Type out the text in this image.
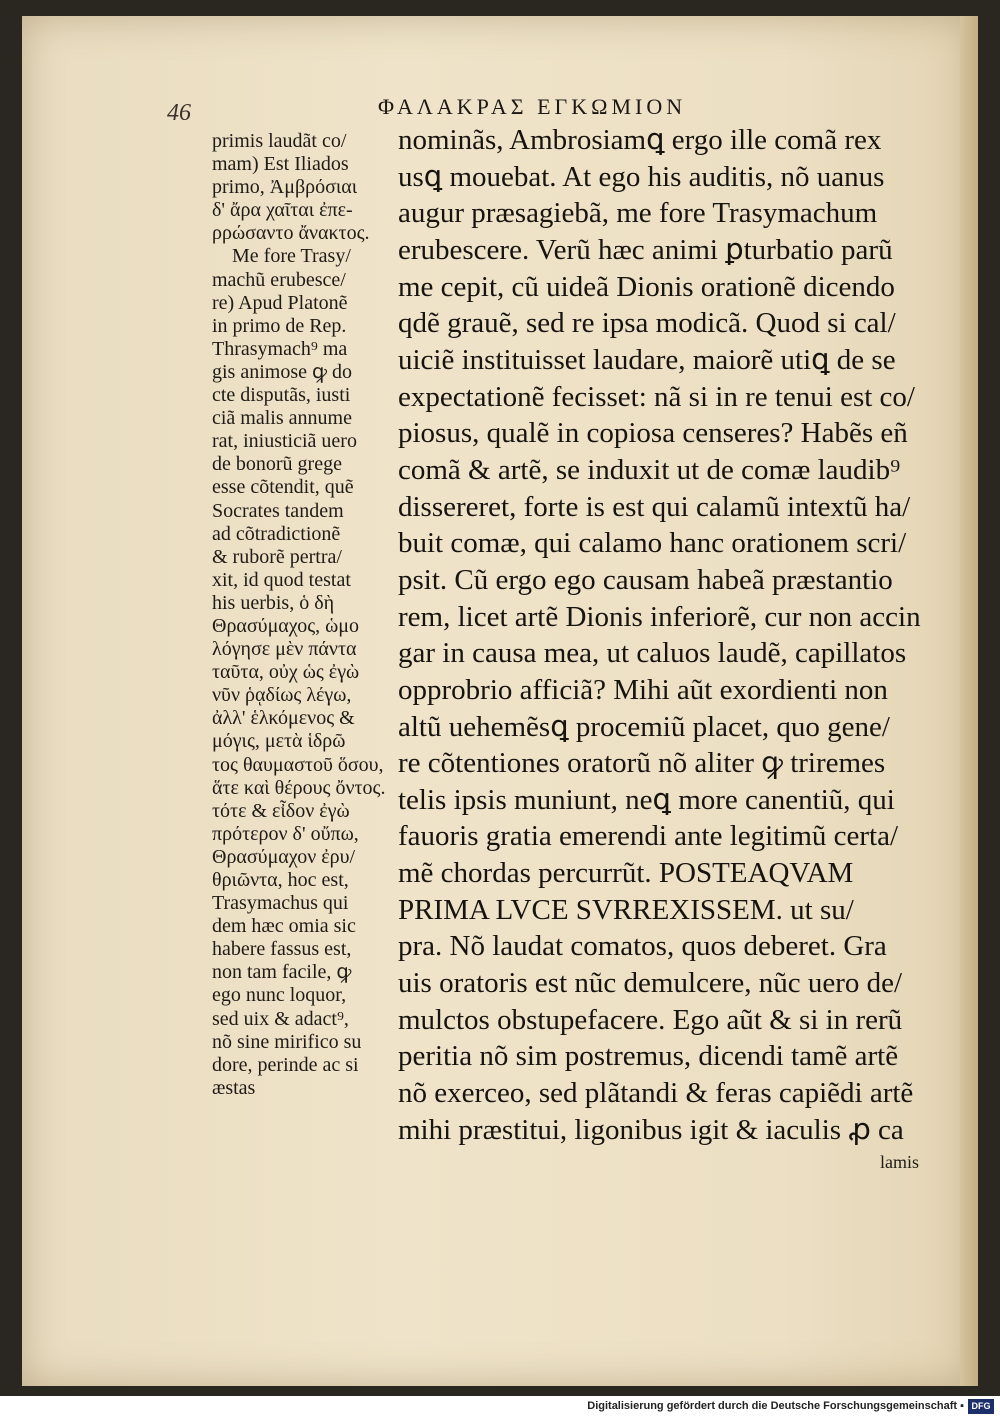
46	ΦΑΛΑΚΡΑΣ ΕΓΚΩΜΙΟΝ
primis laudãt co/
mam) Est Iliados
primo, Ἀμβρόσιαι
δ' ἄρα χαῖται ἐπε-
ρρώσαντο ἄνακτος.
Me fore Trasy/
machũ erubesce/
re) Apud Platonẽ
in primo de Rep.
Thrasymach⁹ ma
gis animose ꝙ do
cte disputãs, iusti
ciã malis annume
rat, iniusticiã uero
de bonorũ grege
esse cõtendit, quẽ
Socrates tandem
ad cõtradictionẽ
& ruborẽ pertra/
xit, id quod testat
his uerbis, ὁ δὴ
Θρασύμαχος, ὡμο
λόγησε μὲν πάντα
ταῦτα, οὐχ ὡς ἐγὼ
νῦν ῥᾳδίως λέγω,
ἀλλ' ἑλκόμενος &
μόγις, μετὰ ἱδρῶ
τος θαυμαστοῦ ὅσου,
ἅτε καὶ θέρους ὄντος.
τότε & εἶδον ἐγὼ
πρότερον δ' οὔπω,
Θρασύμαχον ἐρυ/
θριῶντα, hoc est,
Trasymachus qui
dem hæc omia sic
habere fassus est,
non tam facile, ꝙ
ego nunc loquor,
sed uix & adact⁹,
nõ sine mirifico su
dore, perinde ac si
æstas
nominãs, Ambrosiamꝗ ergo ille comã rex
usꝗ mouebat. At ego his auditis, nõ uanus
augur præsagiebã, me fore Trasymachum
erubescere. Verũ hæc animi ꝑturbatio parũ
me cepit, cũ uideã Dionis orationẽ dicendo
qdẽ grauẽ, sed re ipsa modicã. Quod si cal/
uiciẽ instituisset laudare, maiorẽ utiꝗ de se
expectationẽ fecisset: nã si in re tenui est co/
piosus, qualẽ in copiosa censeres? Habẽs eñ
comã & artẽ, se induxit ut de comæ laudib⁹
dissereret, forte is est qui calamũ intextũ ha/
buit comæ, qui calamo hanc orationem scri/
psit. Cũ ergo ego causam habeã præstantio
rem, licet artẽ Dionis inferiorẽ, cur non accin
gar in causa mea, ut caluos laudẽ, capillatos
opprobrio afficiã? Mihi aũt exordienti non
altũ uehemẽsꝗ procemiũ placet, quo gene/
re cõtentiones oratorũ nõ aliter ꝙ triremes
telis ipsis muniunt, neꝗ more canentiũ, qui
fauoris gratia emerendi ante legitimũ certa/
mẽ chordas percurrũt. POSTEAQVAM
PRIMA LVCE SVRREXISSEM. ut su/
pra. Nõ laudat comatos, quos deberet. Gra
uis oratoris est nũc demulcere, nũc uero de/
mulctos obstupefacere. Ego aũt & si in rerũ
peritia nõ sim postremus, dicendi tamẽ artẽ
nõ exerceo, sed plãtandi & feras capiẽdi artẽ
mihi præstitui, ligonibus igit & iaculis ꝓ ca
lamis
Digitalisierung gefördert durch die Deutsche Forschungsgemeinschaft ▪ DFG
